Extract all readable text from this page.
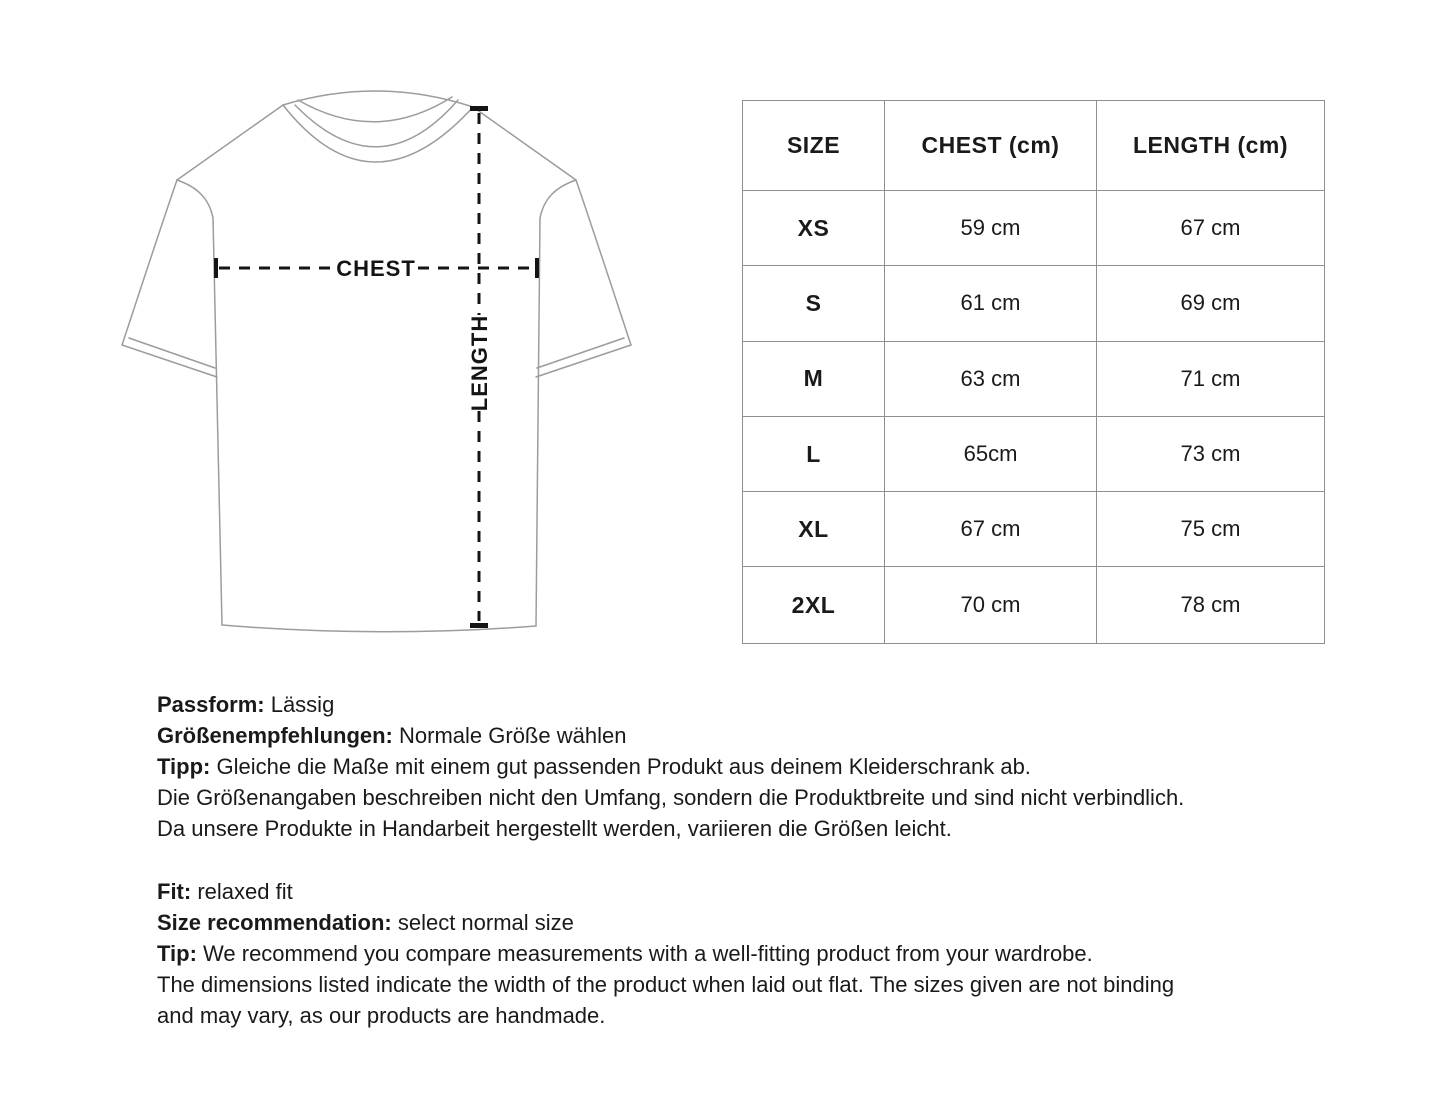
CHEST
LENGTH
SIZE	CHEST (cm)	LENGTH (cm)
XS	59 cm	67 cm
S	61 cm	69 cm
M	63 cm	71 cm
L	65cm	73 cm
XL	67 cm	75 cm
2XL	70 cm	78 cm
Passform: Lässig
Größenempfehlungen: Normale Größe wählen
Tipp: Gleiche die Maße mit einem gut passenden Produkt aus deinem Kleiderschrank ab.
Die Größenangaben beschreiben nicht den Umfang, sondern die Produktbreite und sind nicht verbindlich.
Da unsere Produkte in Handarbeit hergestellt werden, variieren die Größen leicht.
Fit: relaxed fit
Size recommendation: select normal size
Tip: We recommend you compare measurements with a well-fitting product from your wardrobe.
The dimensions listed indicate the width of the product when laid out flat. The sizes given are not binding
and may vary, as our products are handmade.
